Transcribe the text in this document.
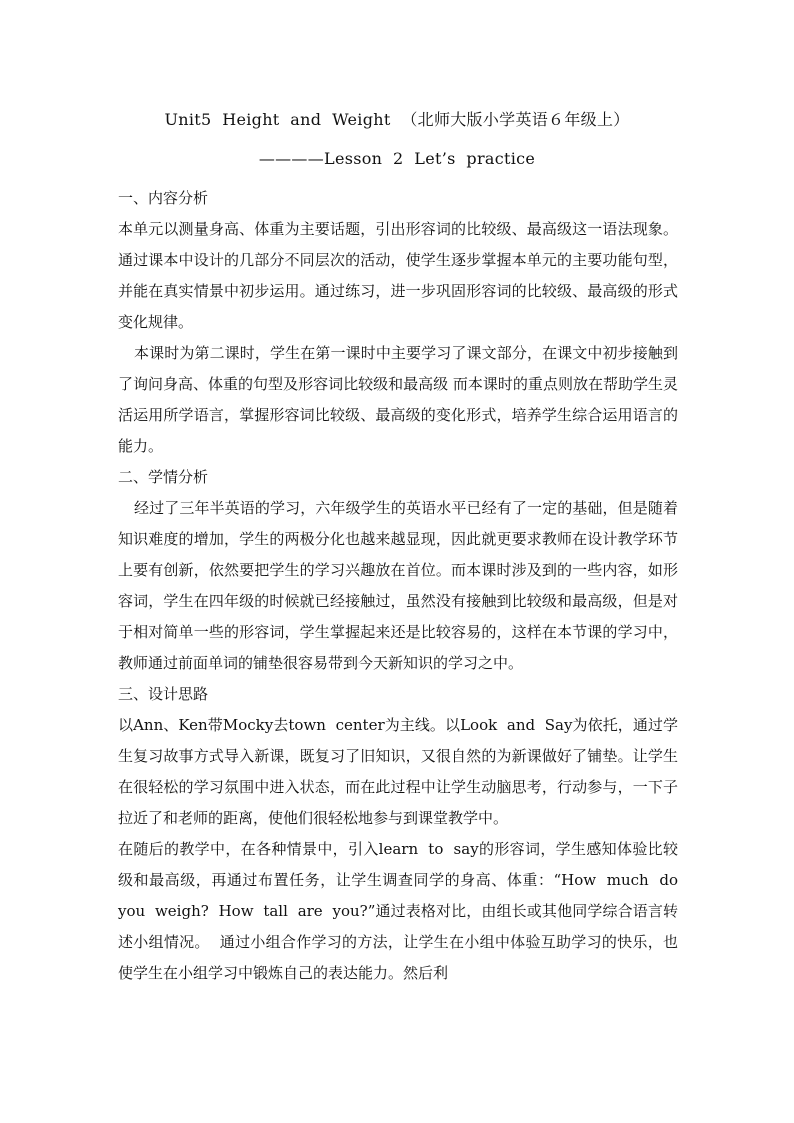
Unit5  Height  and  Weight  （北师大版小学英语６年级上）
————Lesson  2  Let’s  practice

一、内容分析

本单元以测量身高、体重为主要话题，引出形容词的比较级、最高级这一语法现象。通过课本中设计的几部分不同层次的活动，使学生逐步掌握本单元的主要功能句型，并能在真实情景中初步运用。通过练习，进一步巩固形容词的比较级、最高级的形式变化规律。

本课时为第二课时，学生在第一课时中主要学习了课文部分，在课文中初步接触到了询问身高、体重的句型及形容词比较级和最高级 而本课时的重点则放在帮助学生灵活运用所学语言，掌握形容词比较级、最高级的变化形式，培养学生综合运用语言的能力。

二、学情分析

经过了三年半英语的学习，六年级学生的英语水平已经有了一定的基础，但是随着知识难度的增加，学生的两极分化也越来越显现，因此就更要求教师在设计教学环节上要有创新，依然要把学生的学习兴趣放在首位。而本课时涉及到的一些内容，如形容词，学生在四年级的时候就已经接触过，虽然没有接触到比较级和最高级，但是对于相对简单一些的形容词，学生掌握起来还是比较容易的，这样在本节课的学习中，教师通过前面单词的铺垫很容易带到今天新知识的学习之中。

三、设计思路

以Ann、Ken带Mocky去town  center为主线。以Look  and  Say为依托，通过学生复习故事方式导入新课，既复习了旧知识，又很自然的为新课做好了铺垫。让学生在很轻松的学习氛围中进入状态，而在此过程中让学生动脑思考，行动参与，一下子拉近了和老师的距离，使他们很轻松地参与到课堂教学中。

在随后的教学中，在各种情景中，引入learn  to  say的形容词，学生感知体验比较级和最高级，再通过布置任务，让学生调查同学的身高、体重：“How  much  do  you  weigh?  How  tall  are  you?”通过表格对比，由组长或其他同学综合语言转述小组情况。  通过小组合作学习的方法，让学生在小组中体验互助学习的快乐，也使学生在小组学习中锻炼自己的表达能力。然后利
